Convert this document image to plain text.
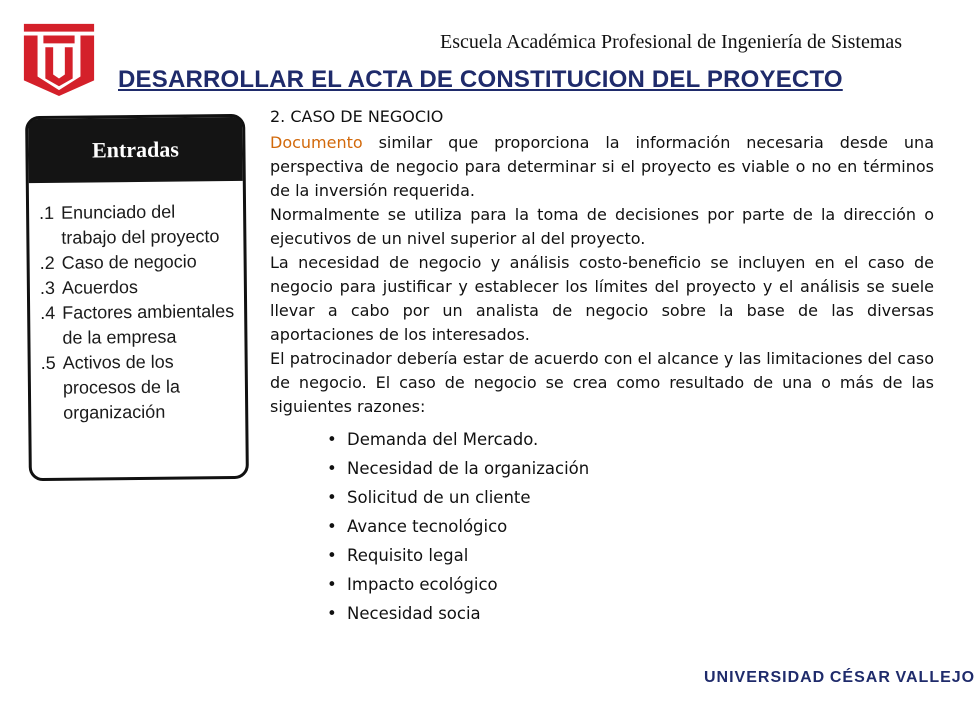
Escuela Académica Profesional de Ingeniería de Sistemas
DESARROLLAR EL ACTA DE CONSTITUCION DEL PROYECTO
Entradas
.1 Enunciado del trabajo del proyecto
.2 Caso de negocio
.3 Acuerdos
.4 Factores ambientales de la empresa
.5 Activos de los procesos de la organización
2. CASO DE NEGOCIO

Documento similar que proporciona la información necesaria desde una perspectiva de negocio para determinar si el proyecto es viable o no en términos de la inversión requerida.

Normalmente se utiliza para la toma de decisiones por parte de la dirección o ejecutivos de un nivel superior al del proyecto.

La necesidad de negocio y análisis costo-beneficio se incluyen en el caso de negocio para justificar y establecer los límites del proyecto y el análisis se suele llevar a cabo por un analista de negocio sobre la base de las diversas aportaciones de los interesados.

El patrocinador debería estar de acuerdo con el alcance y las limitaciones del caso de negocio. El caso de negocio se crea como resultado de una o más de las siguientes razones:

• Demanda del Mercado.
• Necesidad de la organización
• Solicitud de un cliente
• Avance tecnológico
• Requisito legal
• Impacto ecológico
• Necesidad socia
UNIVERSIDAD CÉSAR VALLEJO
